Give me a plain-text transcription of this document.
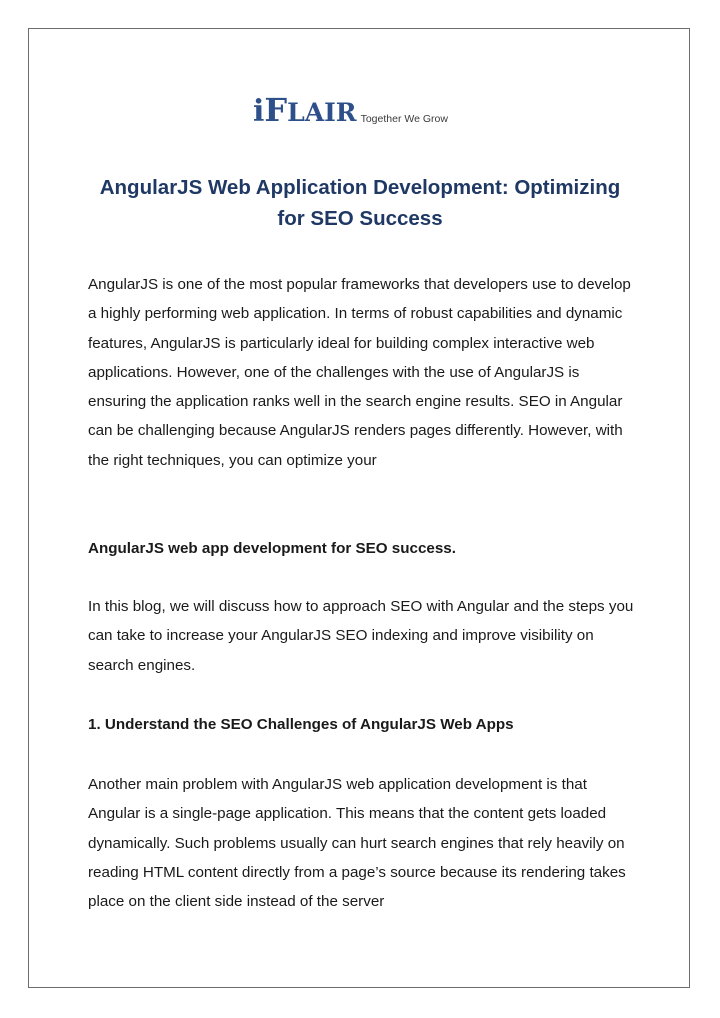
iFLAIR Together We Grow
AngularJS Web Application Development: Optimizing for SEO Success

AngularJS is one of the most popular frameworks that developers use to develop a highly performing web application. In terms of robust capabilities and dynamic features, AngularJS is particularly ideal for building complex interactive web applications. However, one of the challenges with the use of AngularJS is ensuring the application ranks well in the search engine results. SEO in Angular can be challenging because AngularJS renders pages differently. However, with the right techniques, you can optimize your

AngularJS web app development for SEO success.

In this blog, we will discuss how to approach SEO with Angular and the steps you can take to increase your AngularJS SEO indexing and improve visibility on search engines.

1. Understand the SEO Challenges of AngularJS Web Apps

Another main problem with AngularJS web application development is that Angular is a single-page application. This means that the content gets loaded dynamically. Such problems usually can hurt search engines that rely heavily on reading HTML content directly from a page’s source because its rendering takes place on the client side instead of the server
